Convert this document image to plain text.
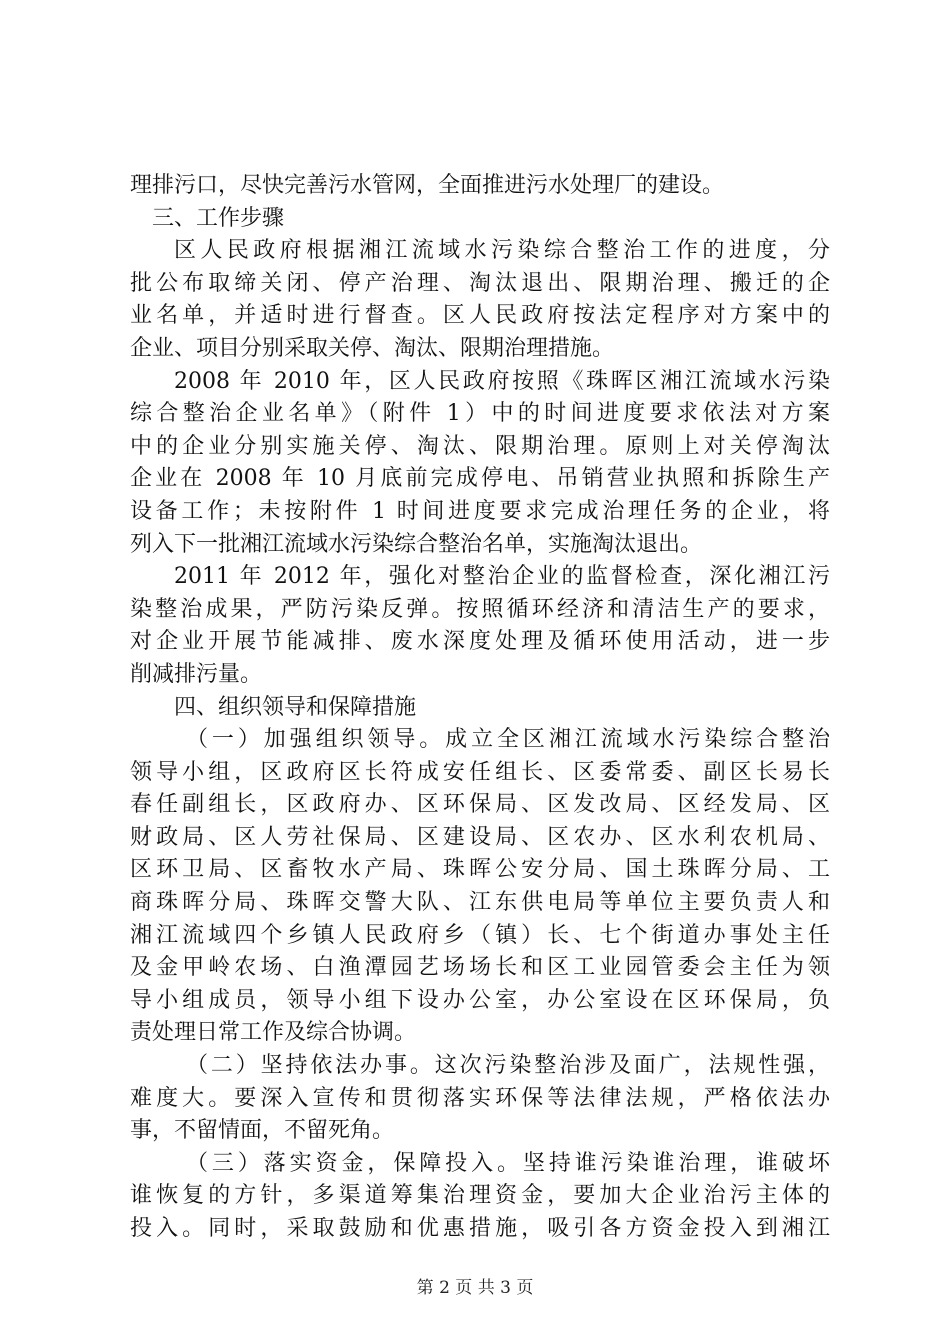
理排污口，尽快完善污水管网，全面推进污水处理厂的建设。
三、工作步骤
区人民政府根据湘江流域水污染综合整治工作的进度，分
批公布取缔关闭、停产治理、淘汰退出、限期治理、搬迁的企
业名单，并适时进行督查。区人民政府按法定程序对方案中的
企业、项目分别采取关停、淘汰、限期治理措施。
2008 年 2010 年，区人民政府按照《珠晖区湘江流域水污染
综合整治企业名单》（附件 1）中的时间进度要求依法对方案
中的企业分别实施关停、淘汰、限期治理。原则上对关停淘汰
企业在 2008 年 10 月底前完成停电、吊销营业执照和拆除生产
设备工作；未按附件 1 时间进度要求完成治理任务的企业，将
列入下一批湘江流域水污染综合整治名单，实施淘汰退出。
2011 年 2012 年，强化对整治企业的监督检查，深化湘江污
染整治成果，严防污染反弹。按照循环经济和清洁生产的要求，
对企业开展节能减排、废水深度处理及循环使用活动，进一步
削减排污量。
四、组织领导和保障措施
（一）加强组织领导。成立全区湘江流域水污染综合整治
领导小组，区政府区长符成安任组长、区委常委、副区长易长
春任副组长，区政府办、区环保局、区发改局、区经发局、区
财政局、区人劳社保局、区建设局、区农办、区水利农机局、
区环卫局、区畜牧水产局、珠晖公安分局、国土珠晖分局、工
商珠晖分局、珠晖交警大队、江东供电局等单位主要负责人和
湘江流域四个乡镇人民政府乡（镇）长、七个街道办事处主任
及金甲岭农场、白渔潭园艺场场长和区工业园管委会主任为领
导小组成员，领导小组下设办公室，办公室设在区环保局，负
责处理日常工作及综合协调。
（二）坚持依法办事。这次污染整治涉及面广，法规性强，
难度大。要深入宣传和贯彻落实环保等法律法规，严格依法办
事，不留情面，不留死角。
（三）落实资金，保障投入。坚持谁污染谁治理，谁破坏
谁恢复的方针，多渠道筹集治理资金，要加大企业治污主体的
投入。同时，采取鼓励和优惠措施，吸引各方资金投入到湘江
第 2 页 共 3 页
